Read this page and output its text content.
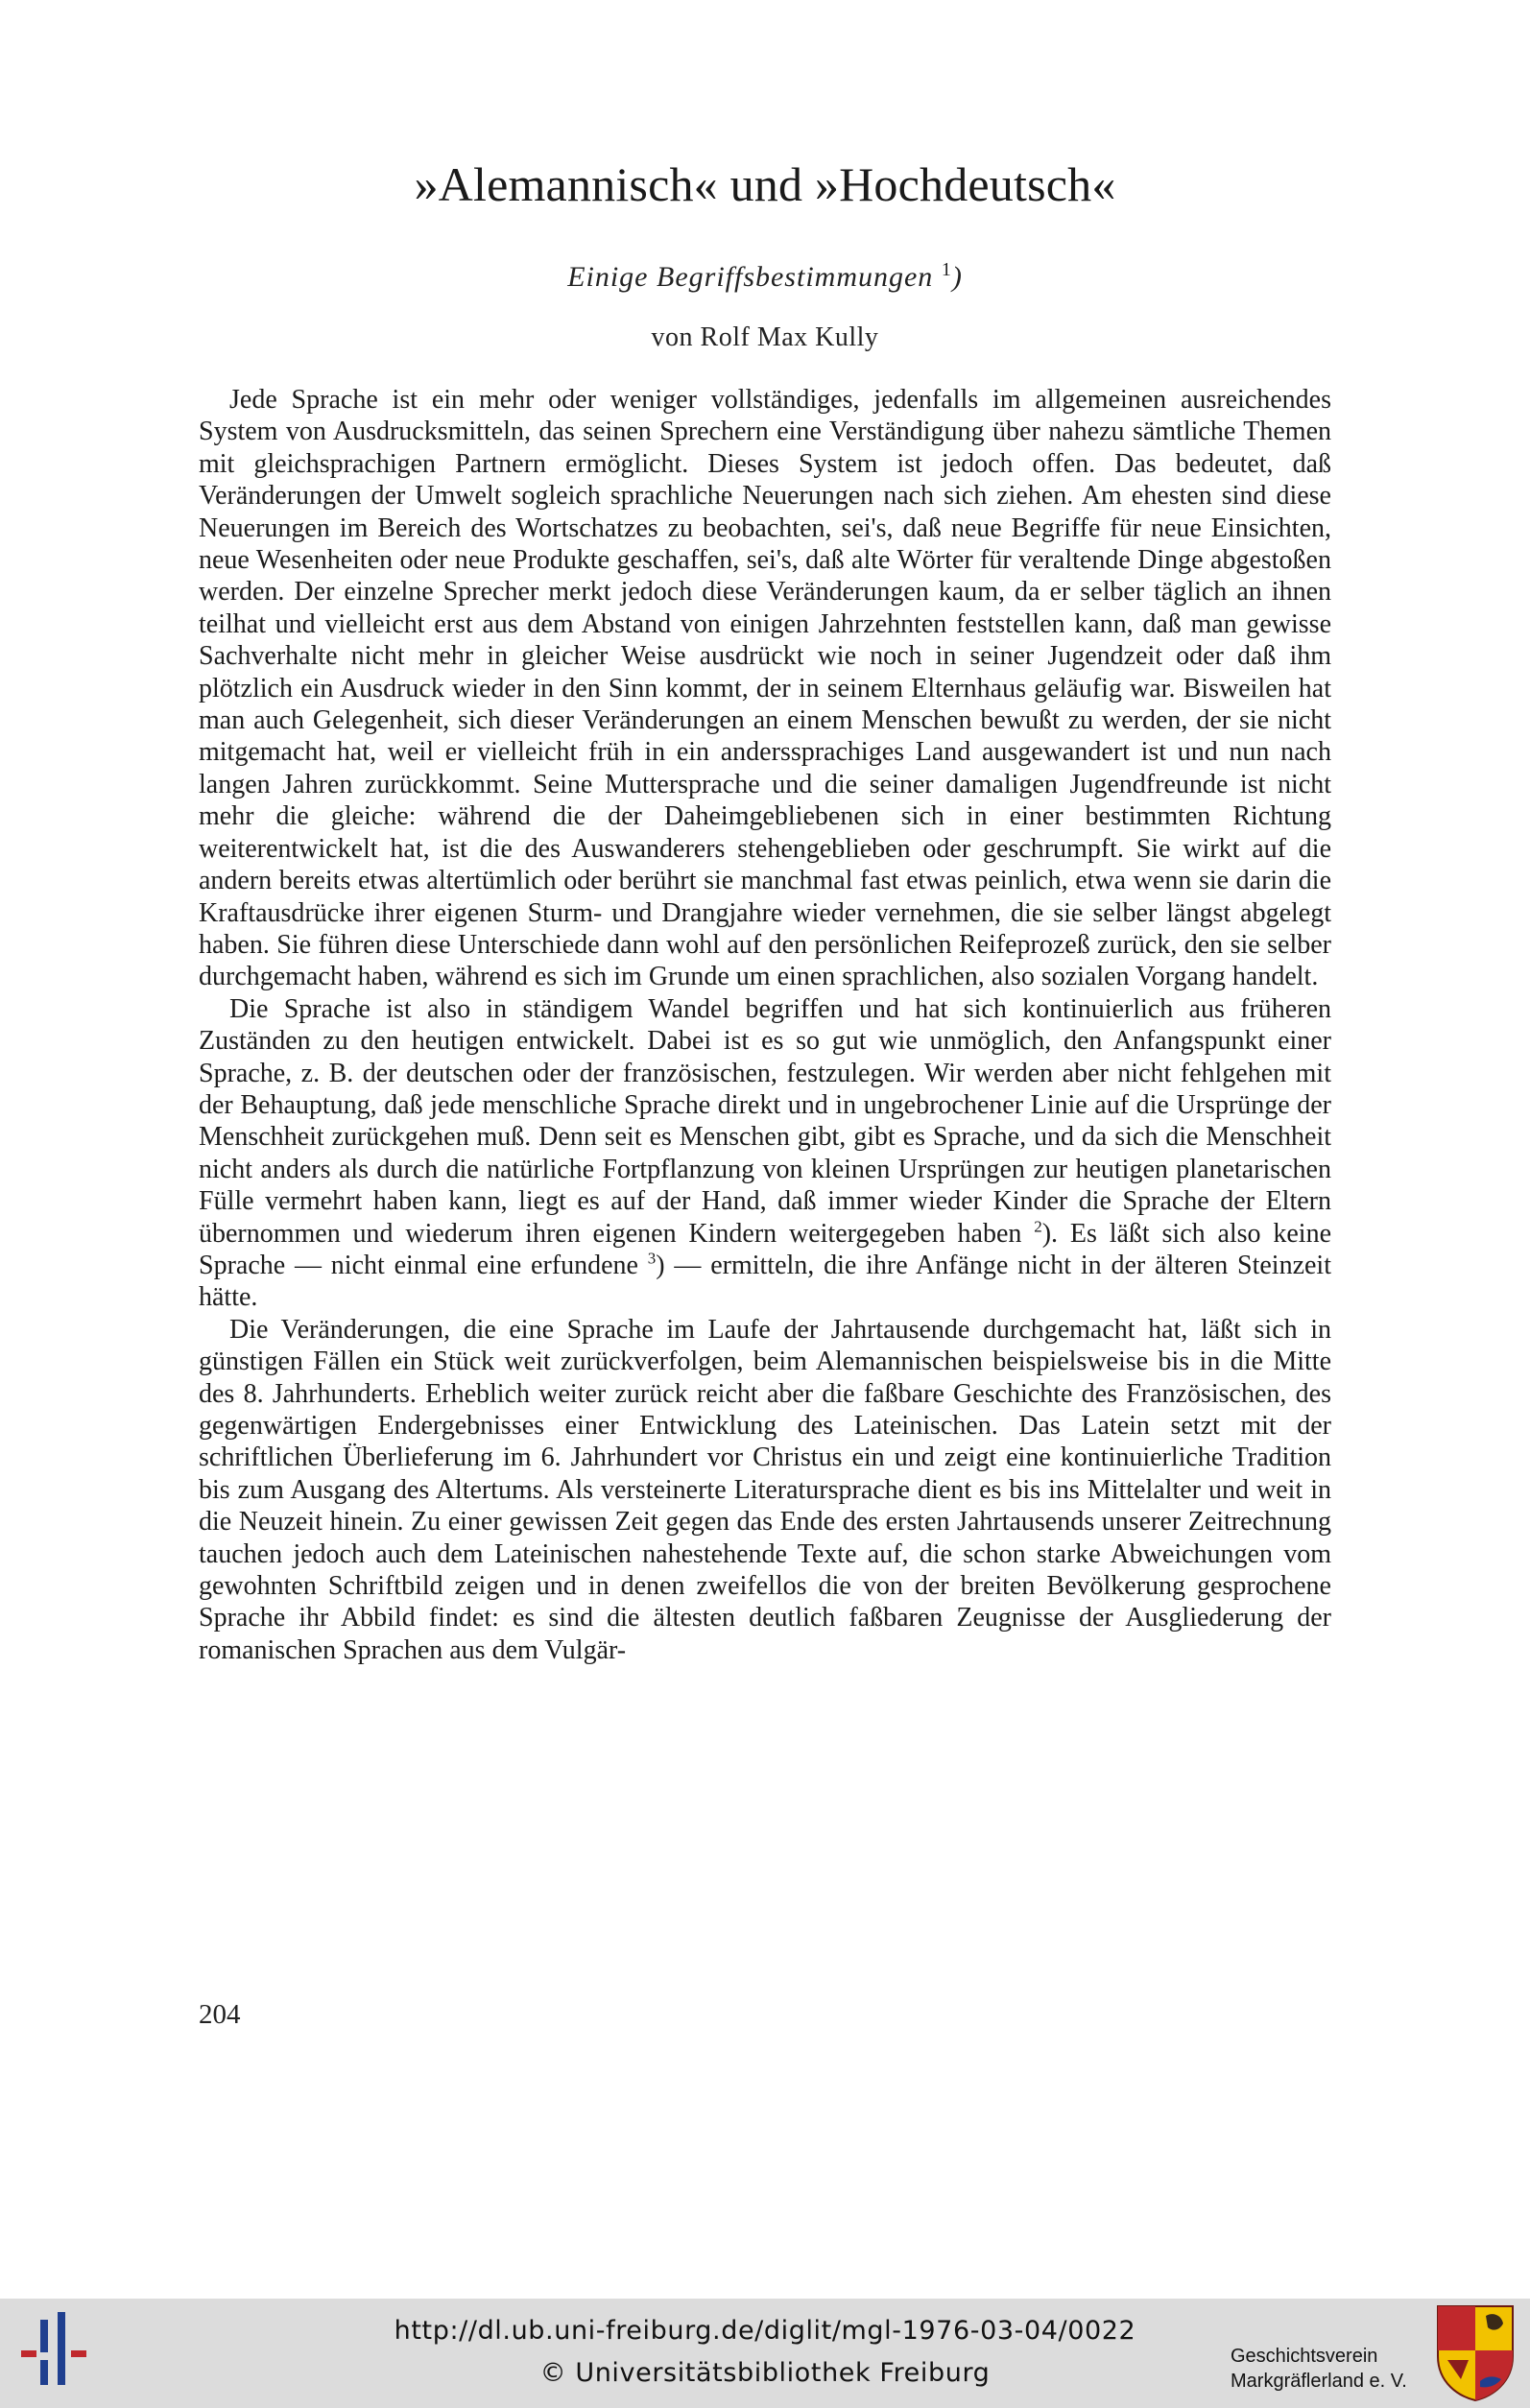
»Alemannisch« und »Hochdeutsch«
Einige Begriffsbestimmungen $^1$)
von Rolf Max Kully

Jede Sprache ist ein mehr oder weniger vollständiges, jedenfalls im allgemeinen ausreichendes System von Ausdrucksmitteln, das seinen Sprechern eine Verständigung über nahezu sämtliche Themen mit gleichsprachigen Partnern ermöglicht. Dieses System ist jedoch offen. Das bedeutet, daß Veränderungen der Umwelt sogleich sprachliche Neuerungen nach sich ziehen. Am ehesten sind diese Neuerungen im Bereich des Wortschatzes zu beobachten, sei's, daß neue Begriffe für neue Einsichten, neue Wesenheiten oder neue Produkte geschaffen, sei's, daß alte Wörter für veraltende Dinge abgestoßen werden. Der einzelne Sprecher merkt jedoch diese Veränderungen kaum, da er selber täglich an ihnen teilhat und vielleicht erst aus dem Abstand von einigen Jahrzehnten feststellen kann, daß man gewisse Sachverhalte nicht mehr in gleicher Weise ausdrückt wie noch in seiner Jugendzeit oder daß ihm plötzlich ein Ausdruck wieder in den Sinn kommt, der in seinem Elternhaus geläufig war. Bisweilen hat man auch Gelegenheit, sich dieser Veränderungen an einem Menschen bewußt zu werden, der sie nicht mitgemacht hat, weil er vielleicht früh in ein anderssprachiges Land ausgewandert ist und nun nach langen Jahren zurückkommt. Seine Muttersprache und die seiner damaligen Jugendfreunde ist nicht mehr die gleiche: während die der Daheimgebliebenen sich in einer bestimmten Richtung weiterentwickelt hat, ist die des Auswanderers stehengeblieben oder geschrumpft. Sie wirkt auf die andern bereits etwas altertümlich oder berührt sie manchmal fast etwas peinlich, etwa wenn sie darin die Kraftausdrücke ihrer eigenen Sturm- und Drangjahre wieder vernehmen, die sie selber längst abgelegt haben. Sie führen diese Unterschiede dann wohl auf den persönlichen Reifeprozeß zurück, den sie selber durchgemacht haben, während es sich im Grunde um einen sprachlichen, also sozialen Vorgang handelt.

Die Sprache ist also in ständigem Wandel begriffen und hat sich kontinuierlich aus früheren Zuständen zu den heutigen entwickelt. Dabei ist es so gut wie unmöglich, den Anfangspunkt einer Sprache, z. B. der deutschen oder der französischen, festzulegen. Wir werden aber nicht fehlgehen mit der Behauptung, daß jede menschliche Sprache direkt und in ungebrochener Linie auf die Ursprünge der Menschheit zurückgehen muß. Denn seit es Menschen gibt, gibt es Sprache, und da sich die Menschheit nicht anders als durch die natürliche Fortpflanzung von kleinen Ursprüngen zur heutigen planetarischen Fülle vermehrt haben kann, liegt es auf der Hand, daß immer wieder Kinder die Sprache der Eltern übernommen und wiederum ihren eigenen Kindern weitergegeben haben $^2$). Es läßt sich also keine Sprache — nicht einmal eine erfundene $^3$) — ermitteln, die ihre Anfänge nicht in der älteren Steinzeit hätte.

Die Veränderungen, die eine Sprache im Laufe der Jahrtausende durchgemacht hat, läßt sich in günstigen Fällen ein Stück weit zurückverfolgen, beim Alemannischen beispielsweise bis in die Mitte des 8. Jahrhunderts. Erheblich weiter zurück reicht aber die faßbare Geschichte des Französischen, des gegenwärtigen Endergebnisses einer Entwicklung des Lateinischen. Das Latein setzt mit der schriftlichen Überlieferung im 6. Jahrhundert vor Christus ein und zeigt eine kontinuierliche Tradition bis zum Ausgang des Altertums. Als versteinerte Literatursprache dient es bis ins Mittelalter und weit in die Neuzeit hinein. Zu einer gewissen Zeit gegen das Ende des ersten Jahrtausends unserer Zeitrechnung tauchen jedoch auch dem Lateinischen nahestehende Texte auf, die schon starke Abweichungen vom gewohnten Schriftbild zeigen und in denen zweifellos die von der breiten Bevölkerung gesprochene Sprache ihr Abbild findet: es sind die ältesten deutlich faßbaren Zeugnisse der Ausgliederung der romanischen Sprachen aus dem Vulgär-

204
http://dl.ub.uni-freiburg.de/diglit/mgl-1976-03-04/0022
© Universitätsbibliothek Freiburg
Geschichtsverein
Markgräflerland e. V.
